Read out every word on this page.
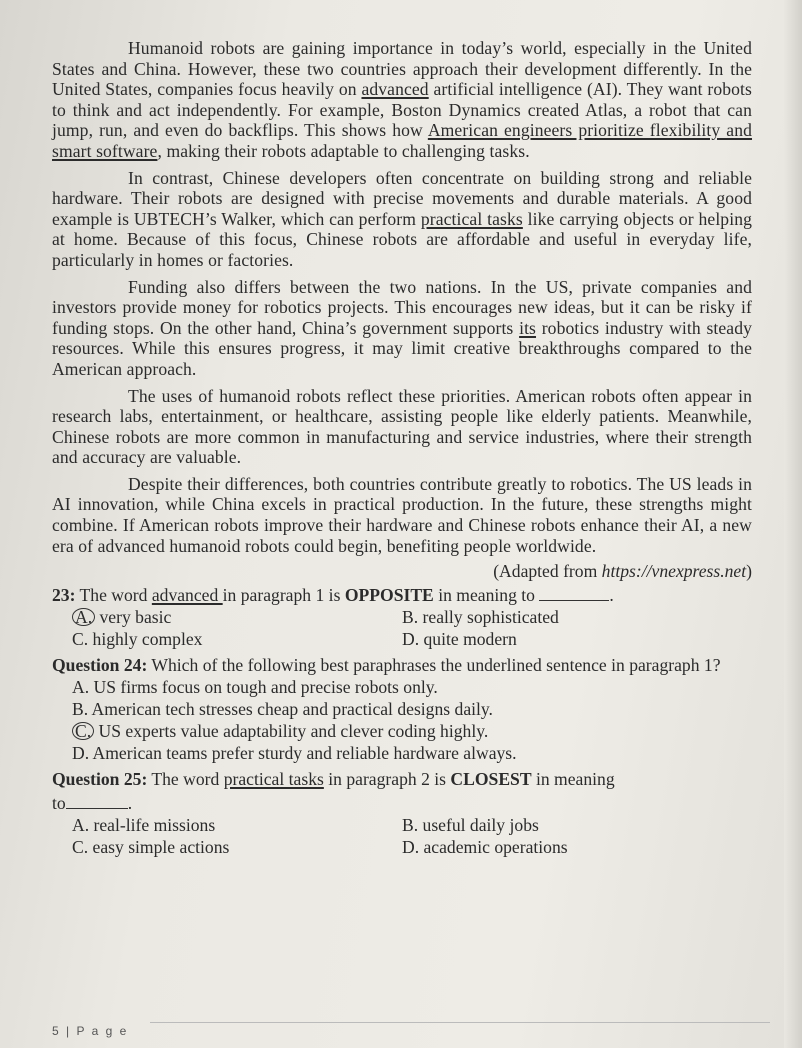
Humanoid robots are gaining importance in today’s world, especially in the United States and China. However, these two countries approach their development differently. In the United States, companies focus heavily on advanced artificial intelligence (AI). They want robots to think and act independently. For example, Boston Dynamics created Atlas, a robot that can jump, run, and even do backflips. This shows how American engineers prioritize flexibility and smart software, making their robots adaptable to challenging tasks.

In contrast, Chinese developers often concentrate on building strong and reliable hardware. Their robots are designed with precise movements and durable materials. A good example is UBTECH’s Walker, which can perform practical tasks like carrying objects or helping at home. Because of this focus, Chinese robots are affordable and useful in everyday life, particularly in homes or factories.

Funding also differs between the two nations. In the US, private companies and investors provide money for robotics projects. This encourages new ideas, but it can be risky if funding stops. On the other hand, China’s government supports its robotics industry with steady resources. While this ensures progress, it may limit creative breakthroughs compared to the American approach.

The uses of humanoid robots reflect these priorities. American robots often appear in research labs, entertainment, or healthcare, assisting people like elderly patients. Meanwhile, Chinese robots are more common in manufacturing and service industries, where their strength and accuracy are valuable.

Despite their differences, both countries contribute greatly to robotics. The US leads in AI innovation, while China excels in practical production. In the future, these strengths might combine. If American robots improve their hardware and Chinese robots enhance their AI, a new era of advanced humanoid robots could begin, benefiting people worldwide.

(Adapted from https://vnexpress.net)
23: The word advanced in paragraph 1 is OPPOSITE in meaning to	.
A. very basic	B. really sophisticated
C. highly complex	D. quite modern
Question 24: Which of the following best paraphrases the underlined sentence in paragraph 1?
A. US firms focus on tough and precise robots only.
B. American tech stresses cheap and practical designs daily.
C. US experts value adaptability and clever coding highly.
D. American teams prefer sturdy and reliable hardware always.
Question 25: The word practical tasks in paragraph 2 is CLOSEST in meaning
to	.
A. real-life missions	B. useful daily jobs
C. easy simple actions	D. academic operations
5 | P a g e
